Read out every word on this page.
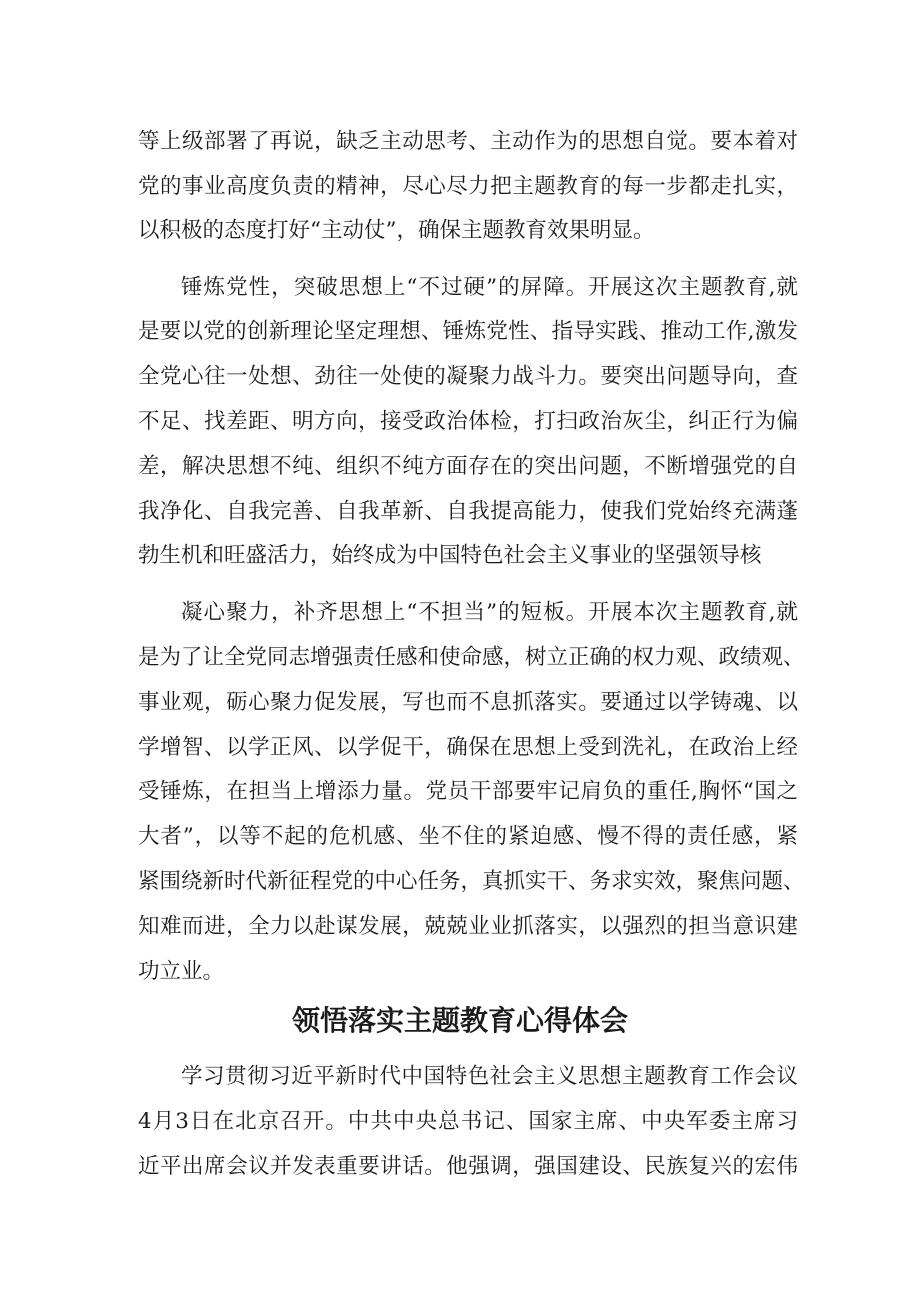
等上级部署了再说，缺乏主动思考、主动作为的思想自觉。要本着对

党的事业高度负责的精神，尽心尽力把主题教育的每一步都走扎实，

以积极的态度打好“主动仗”，确保主题教育效果明显。

锤炼党性，突破思想上“不过硬”的屏障。开展这次主题教育,就

是要以党的创新理论坚定理想、锤炼党性、指导实践、推动工作,激发

全党心往一处想、劲往一处使的凝聚力战斗力。要突出问题导向，查

不足、找差距、明方向，接受政治体检，打扫政治灰尘，纠正行为偏

差，解决思想不纯、组织不纯方面存在的突出问题，不断增强党的自

我净化、自我完善、自我革新、自我提高能力，使我们党始终充满蓬

勃生机和旺盛活力，始终成为中国特色社会主义事业的坚强领导核

凝心聚力，补齐思想上“不担当”的短板。开展本次主题教育,就

是为了让全党同志增强责任感和使命感，树立正确的权力观、政绩观、

事业观，砺心聚力促发展，写也而不息抓落实。要通过以学铸魂、以

学增智、以学正风、以学促干，确保在思想上受到洗礼，在政治上经

受锤炼，在担当上增添力量。党员干部要牢记肩负的重任,胸怀“国之

大者”，以等不起的危机感、坐不住的紧迫感、慢不得的责任感，紧

紧围绕新时代新征程党的中心任务，真抓实干、务求实效，聚焦问题、

知难而进，全力以赴谋发展，兢兢业业抓落实，以强烈的担当意识建

功立业。

领悟落实主题教育心得体会

学习贯彻习近平新时代中国特色社会主义思想主题教育工作会议

4月3日在北京召开。中共中央总书记、国家主席、中央军委主席习

近平出席会议并发表重要讲话。他强调，强国建设、民族复兴的宏伟
